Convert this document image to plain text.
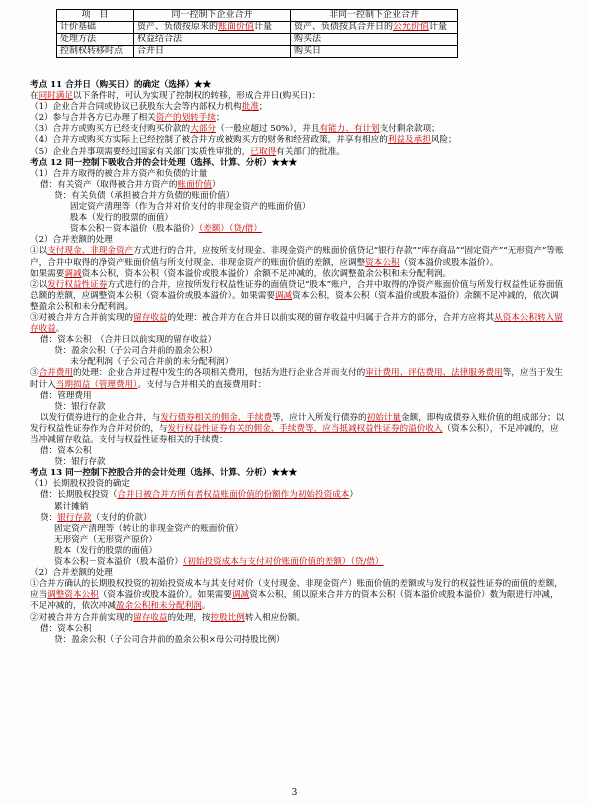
项　目	同一控制下企业合并	非同一控制下企业合并
计价基础	资产、负债按原来的账面价值计量	资产、负债按其合并日的公允价值计量
处理方法	权益结合法	购买法
控制权转移时点	合并日	购买日

考点 11 合并日（购买日）的确定（选择）★★

在同时满足以下条件时，可认为实现了控制权的转移，形成合并日(购买日)：

（1）企业合并合同或协议已获股东大会等内部权力机构批准；

（2）参与合并各方已办理了相关资产的划转手续；

（3）合并方或购买方已经支付购买价款的大部分（一般应超过 50%），并且有能力、有计划支付剩余款项；

（4）合并方或购买方实际上已经控制了被合并方或被购买方的财务和经营政策，并享有相应的利益及承担风险；

（5）企业合并事项需要经过国家有关部门实质性审批的，已取得有关部门的批准。

考点 12 同一控制下吸收合并的会计处理（选择、计算、分析）★★★

（1）合并方取得的被合并方资产和负债的计量

借：有关资产（取得被合并方资产的账面价值）

贷：有关负债（承担被合并方负债的账面价值）

固定资产清理等（作为合并对价支付的非现金资产的账面价值）

股本（发行的股票的面值）

资本公积－资本溢价（股本溢价）（差额）（贷/借）

（2）合并差额的处理

①以支付现金、非现金资产方式进行的合并，应按所支付现金、非现金资产的账面价值贷记“银行存款”“库存商品”“固定资产”“无形资产”等账户，合并中取得的净资产账面价值与所支付现金、非现金资产的账面价值的差额，应调整资本公积（资本溢价或股本溢价）。

如果需要调减资本公积，资本公积（资本溢价或股本溢价）余额不足冲减的，依次调整盈余公积和未分配利润。

②以发行权益性证券方式进行的合并，应按所发行权益性证券的面值贷记“股本”账户，合并中取得的净资产账面价值与所发行权益性证券面值总额的差额，应调整资本公积（资本溢价或股本溢价）。如果需要调减资本公积，资本公积（资本溢价或股本溢价）余额不足冲减的，依次调整盈余公积和未分配利润。

③对被合并方合并前实现的留存收益的处理：被合并方在合并日以前实现的留存收益中归属于合并方的部分，合并方应将其从资本公积转入留存收益。

借：资本公积　（合并日以前实现的留存收益）

贷：盈余公积（子公司合并前的盈余公积）

未分配利润（子公司合并前的未分配利润）

③合并费用的处理：企业合并过程中发生的各项相关费用，包括为进行企业合并而支付的审计费用、评估费用、法律服务费用等，应当于发生时计入当期损益（管理费用）。支付与合并相关的直接费用时：

借：管理费用

贷：银行存款

以发行债券进行的企业合并，与发行债券相关的佣金、手续费等，应计入所发行债券的初始计量金额，即构成债券入账价值的组成部分；以发行权益性证券作为合并对价的，与发行权益性证券有关的佣金、手续费等，应当抵减权益性证券的溢价收入（资本公积），不足冲减的，应当冲减留存收益。支付与权益性证券相关的手续费：

借：资本公积

贷：银行存款

考点 13 同一控制下控股合并的会计处理（选择、计算、分析）★★★

（1）长期股权投资的确定

借：长期股权投资（合并日被合并方所有者权益账面价值的份额作为初始投资成本）

累计摊销

贷：银行存款（支付的价款）

固定资产清理等（转让的非现金资产的账面价值）

无形资产（无形资产原价）

股本（发行的股票的面值）

资本公积－资本溢价（股本溢价）（初始投资成本与支付对价账面价值的差额）（贷/借）

（2）合并差额的处理

①合并方确认的长期股权投资的初始投资成本与其支付对价（支付现金、非现金资产）账面价值的差额或与发行的权益性证券的面值的差额，应当调整资本公积（资本溢价或股本溢价）。如果需要调减资本公积，须以原来合并方的资本公积（资本溢价或股本溢价）数为限进行冲减，不足冲减的，依次冲减盈余公积和未分配利润。

②对被合并方合并前实现的留存收益的处理，按控股比例转入相应份额。

借：资本公积

贷：盈余公积（子公司合并前的盈余公积×母公司持股比例）

3
